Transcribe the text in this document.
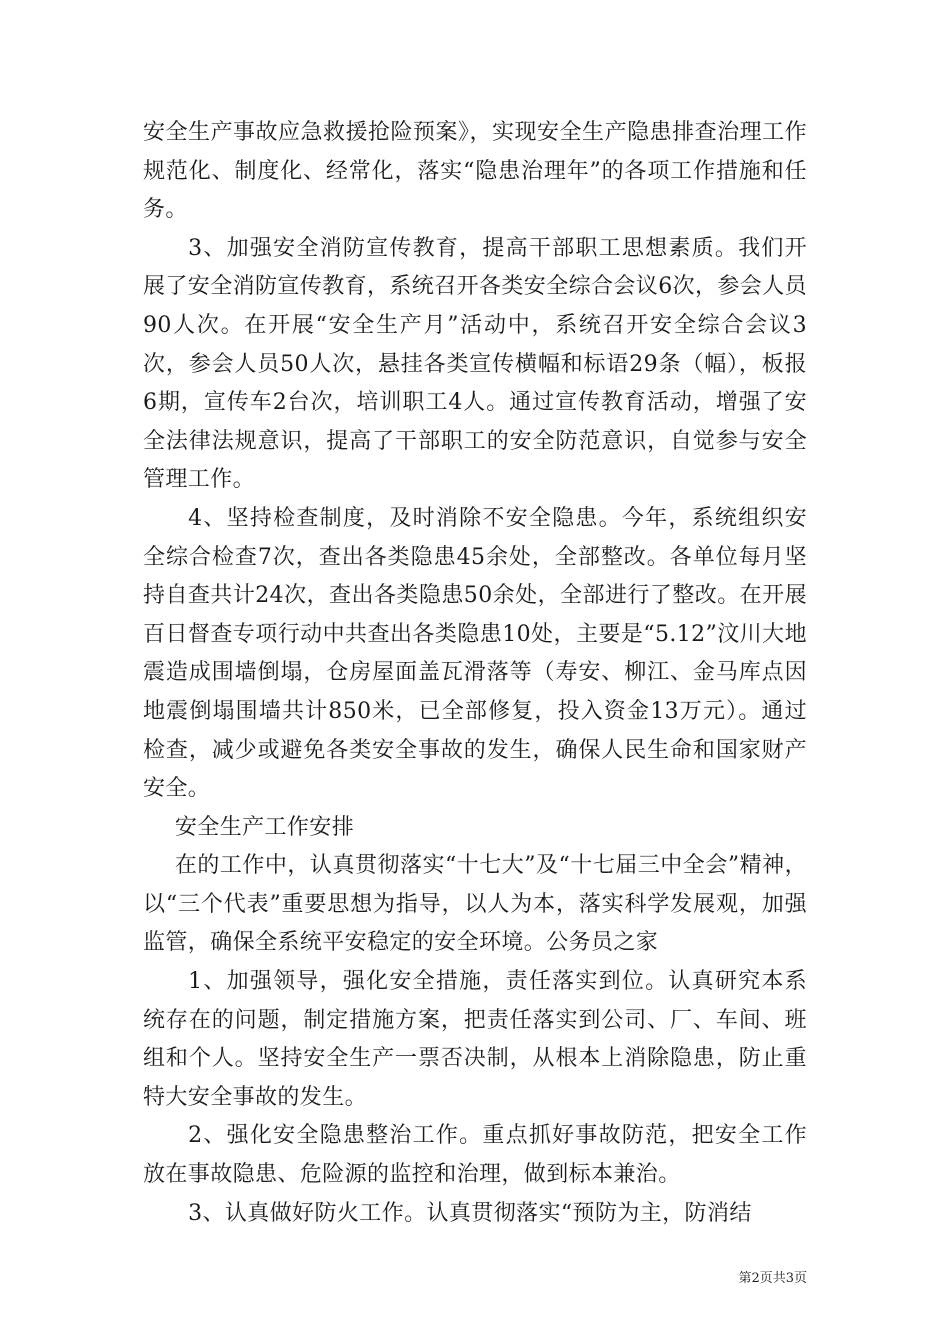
安全生产事故应急救援抢险预案》，实现安全生产隐患排查治理工作规范化、制度化、经常化，落实“隐患治理年”的各项工作措施和任务。

3、加强安全消防宣传教育，提高干部职工思想素质。我们开展了安全消防宣传教育，系统召开各类安全综合会议6次，参会人员90人次。在开展“安全生产月”活动中，系统召开安全综合会议3次，参会人员50人次，悬挂各类宣传横幅和标语29条（幅），板报6期，宣传车2台次，培训职工4人。通过宣传教育活动，增强了安全法律法规意识，提高了干部职工的安全防范意识，自觉参与安全管理工作。

4、坚持检查制度，及时消除不安全隐患。今年，系统组织安全综合检查7次，查出各类隐患45余处，全部整改。各单位每月坚持自查共计24次，查出各类隐患50余处，全部进行了整改。在开展百日督查专项行动中共查出各类隐患10处，主要是“5.12”汶川大地震造成围墙倒塌，仓房屋面盖瓦滑落等（寿安、柳江、金马库点因地震倒塌围墙共计850米，已全部修复，投入资金13万元）。通过检查，减少或避免各类安全事故的发生，确保人民生命和国家财产安全。

安全生产工作安排

在的工作中，认真贯彻落实“十七大”及“十七届三中全会”精神，以“三个代表”重要思想为指导，以人为本，落实科学发展观，加强监管，确保全系统平安稳定的安全环境。公务员之家

1、加强领导，强化安全措施，责任落实到位。认真研究本系统存在的问题，制定措施方案，把责任落实到公司、厂、车间、班组和个人。坚持安全生产一票否决制，从根本上消除隐患，防止重特大安全事故的发生。

2、强化安全隐患整治工作。重点抓好事故防范，把安全工作放在事故隐患、危险源的监控和治理，做到标本兼治。

3、认真做好防火工作。认真贯彻落实“预防为主，防消结

第2页共3页
